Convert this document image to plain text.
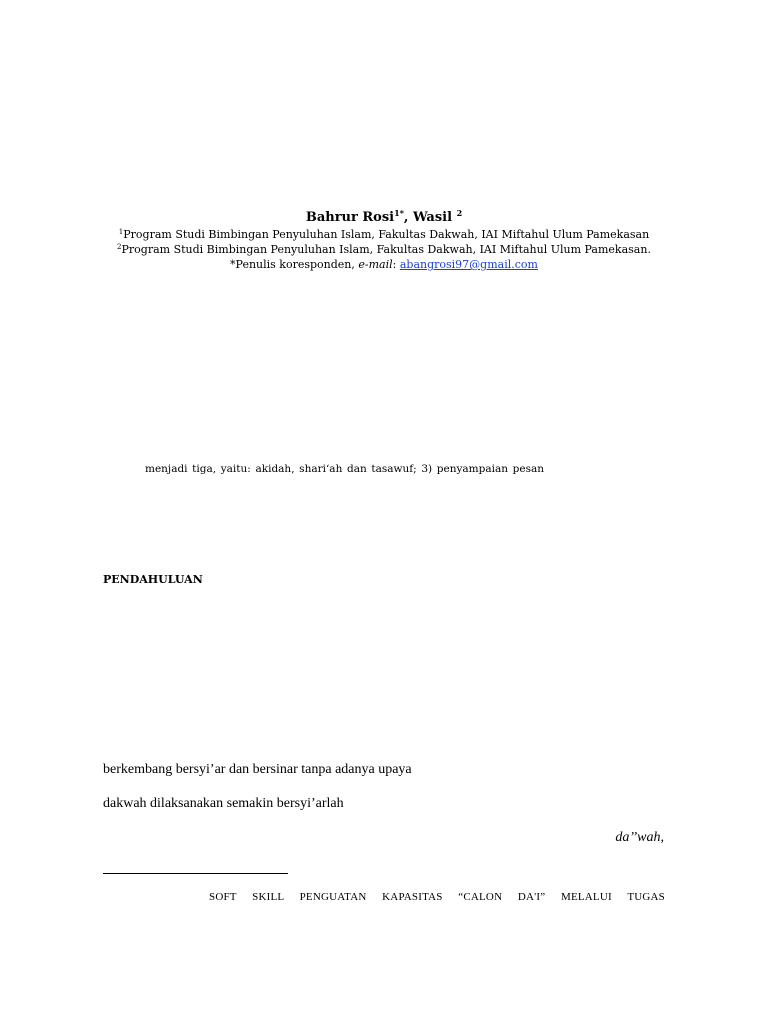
Bahrur Rosi$^{1*}$, Wasil $^2$
$^1$Program Studi Bimbingan Penyuluhan Islam, Fakultas Dakwah, IAI Miftahul Ulum Pamekasan
$^2$Program Studi Bimbingan Penyuluhan Islam, Fakultas Dakwah, IAI Miftahul Ulum Pamekasan.
*Penulis koresponden, e-mail: abangrosi97@gmail.com
menjadi tiga, yaitu: akidah, shari‘ah dan tasawuf; 3) penyampaian pesan
PENDAHULUAN
berkembang bersyi’ar dan bersinar tanpa adanya upaya
dakwah dilaksanakan semakin bersyi’arlah
da’’wah,
SOFT SKILL PENGUATAN KAPASITAS “CALON DA'I” MELALUI TUGAS
